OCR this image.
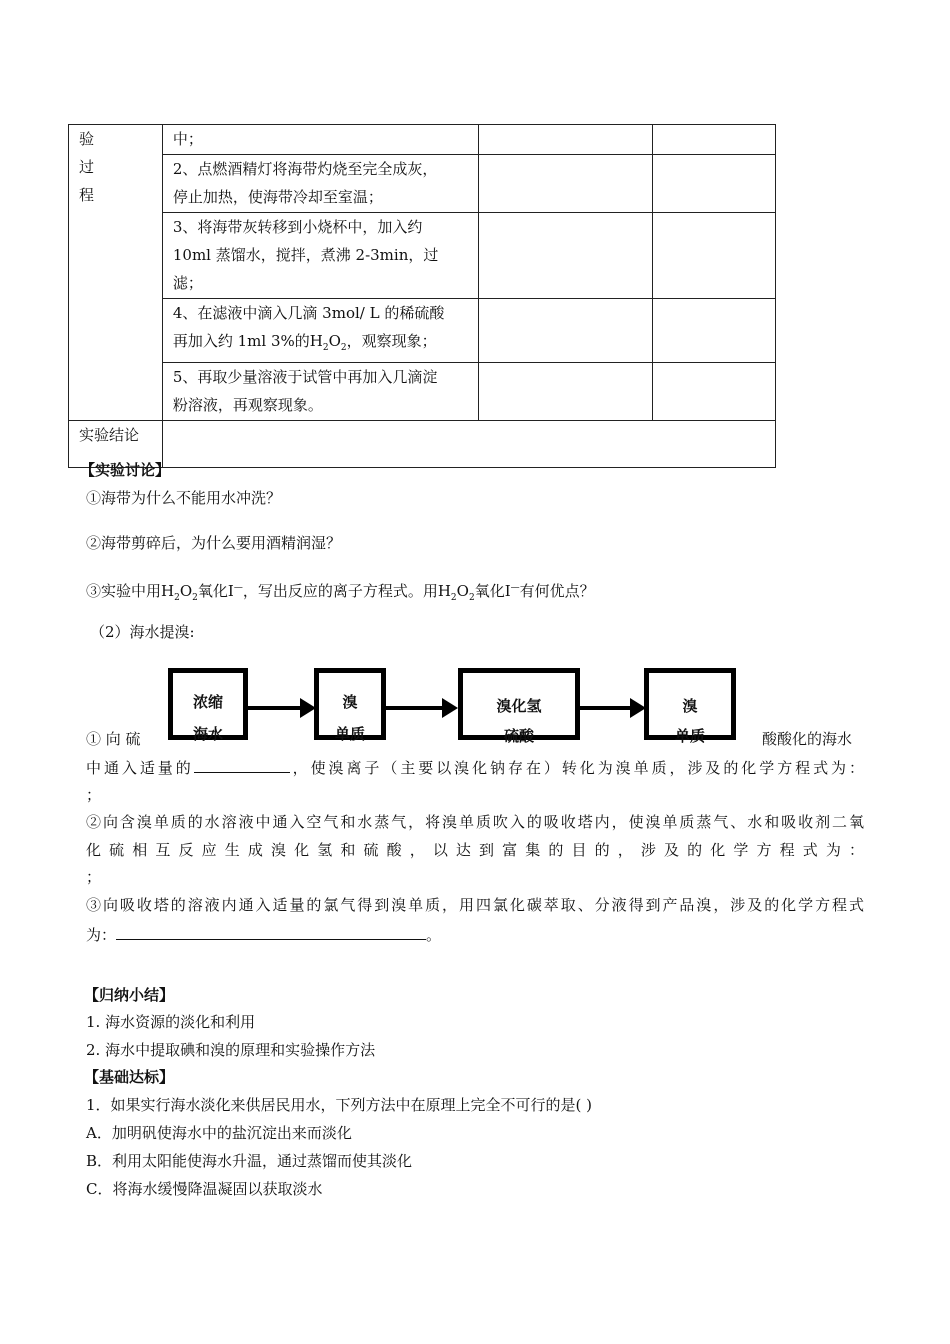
验
过
程	中；		

	2、点燃酒精灯将海带灼烧至完全成灰，
停止加热，使海带冷却至室温；		

	3、将海带灰转移到小烧杯中，加入约
10ml 蒸馏水，搅拌，煮沸 2-3min，过
滤；		

	4、在滤液中滴入几滴 3mol/ L 的稀硫酸
再加入约 1ml 3%的$H_2O_2$，观察现象；		

	5、再取少量溶液于试管中再加入几滴淀
粉溶液，再观察现象。		

实验结论			
【实验讨论】
①海带为什么不能用水冲洗？
②海带剪碎后，为什么要用酒精润湿？
③实验中用$H_2O_2$氧化I—，写出反应的离子方程式。用$H_2O_2$氧化I—有何优点？
（2）海水提溴:
浓缩
海水
溴
单质
溴化氢
硫酸
溴
单质
① 向 硫	酸酸化的海水
中通入适量的	，使溴离子（主要以溴化钠存在）转化为溴单质，涉及的化学方程式为：
；
②向含溴单质的水溶液中通入空气和水蒸气，将溴单质吹入的吸收塔内，使溴单质蒸气、水和吸收剂二氧
化硫相互反应生成溴化氢和硫酸，以达到富集的目的，涉及的化学方程式为：
；
③向吸收塔的溶液内通入适量的氯气得到溴单质，用四氯化碳萃取、分液得到产品溴，涉及的化学方程式
为：	。
【归纳小结】
1. 海水资源的淡化和利用
2. 海水中提取碘和溴的原理和实验操作方法
【基础达标】
1．如果实行海水淡化来供居民用水，下列方法中在原理上完全不可行的是( )
A．加明矾使海水中的盐沉淀出来而淡化
B．利用太阳能使海水升温，通过蒸馏而使其淡化
C．将海水缓慢降温凝固以获取淡水
